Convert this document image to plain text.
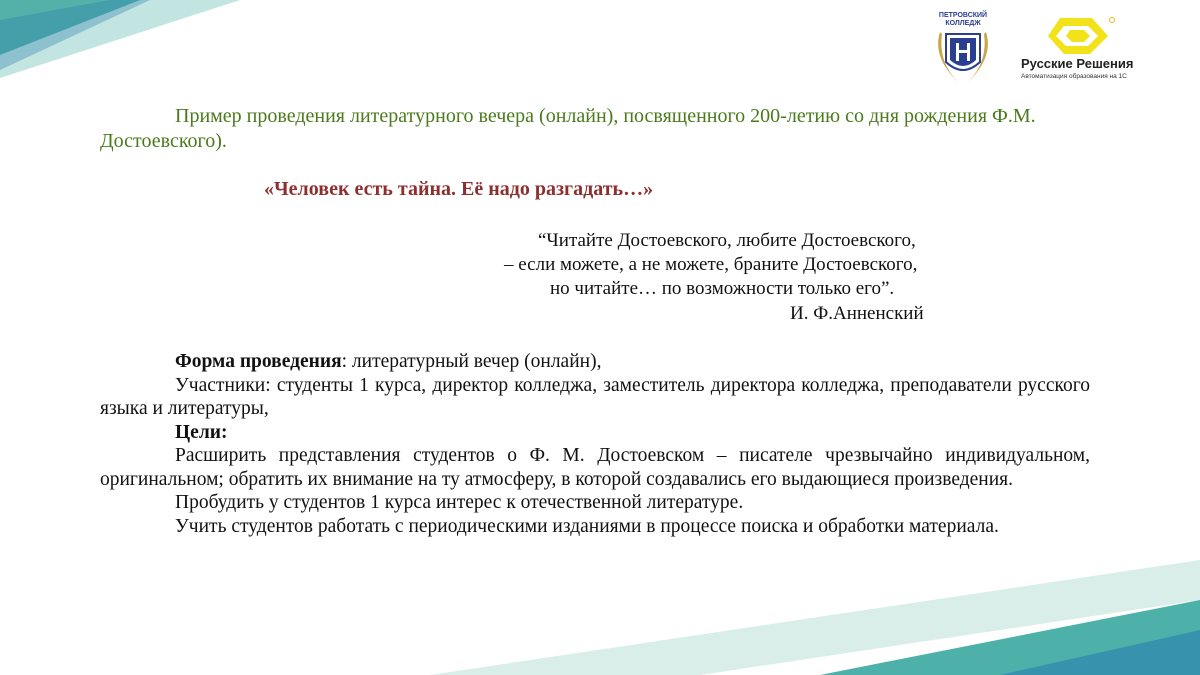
ПЕТРОВСКИЙ
КОЛЛЕДЖ
Русские Решения
Автоматизация образования на 1С

Пример проведения литературного вечера (онлайн), посвященного 200-летию со дня рождения Ф.М. Достоевского).

«Человек есть тайна. Её надо разгадать…»

“Читайте Достоевского, любите Достоевского,
– если можете, а не можете, браните Достоевского,
но читайте… по возможности только его”.
И. Ф.Анненский

Форма проведения: литературный вечер (онлайн),

Участники: студенты 1 курса, директор колледжа, заместитель директора колледжа, преподаватели русского языка и литературы,

Цели:

Расширить представления студентов о Ф. М. Достоевском – писателе чрезвычайно индивидуальном, оригинальном; обратить их внимание на ту атмосферу, в которой создавались его выдающиеся произведения.

Пробудить у студентов 1 курса интерес к отечественной литературе.

Учить студентов работать с периодическими изданиями в процессе поиска и обработки материала.
